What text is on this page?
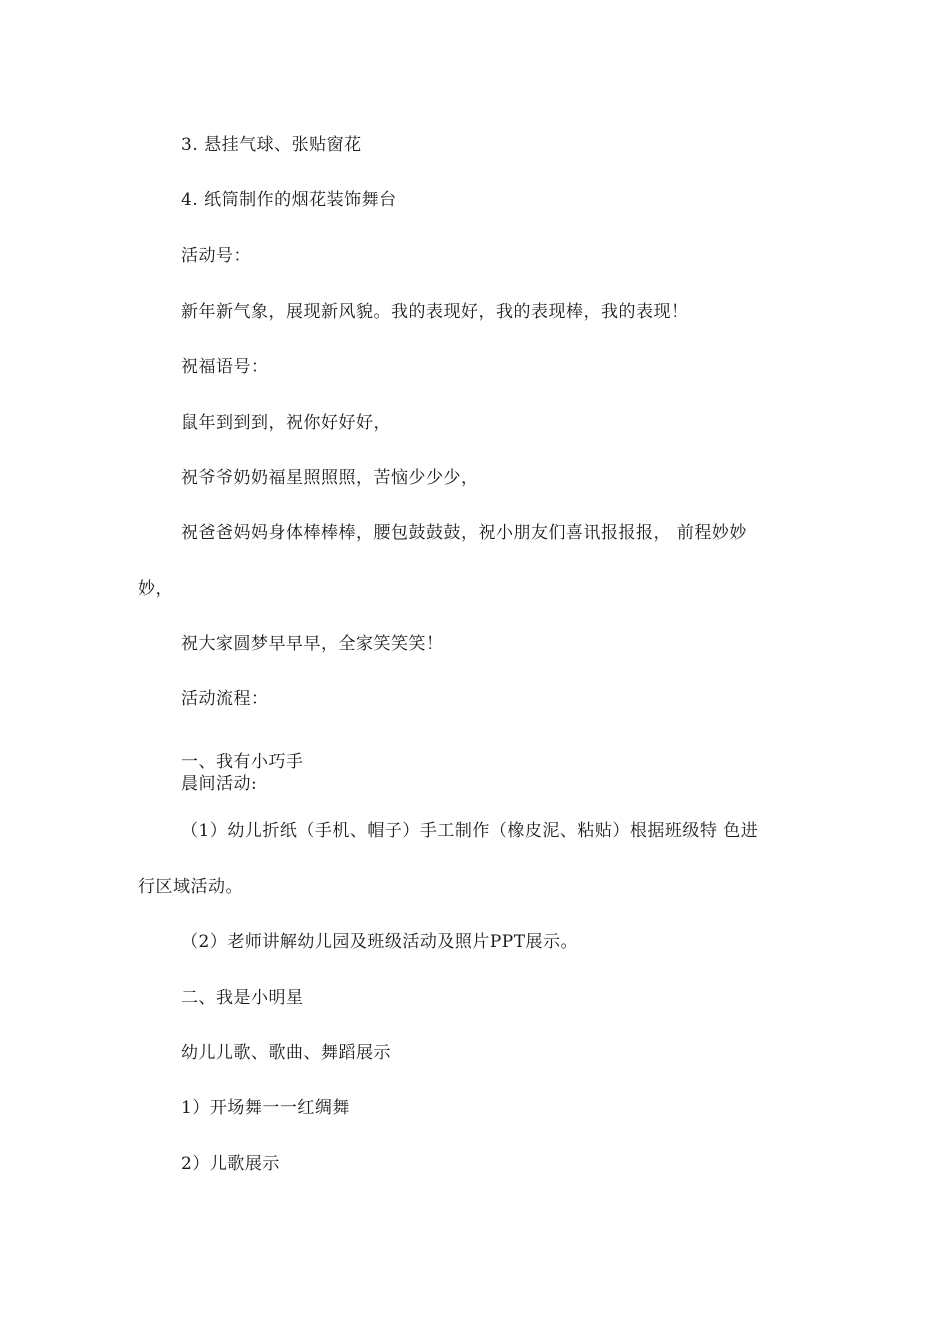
3. 悬挂气球、张贴窗花
4. 纸筒制作的烟花装饰舞台
活动号：
新年新气象，展现新风貌。我的表现好，我的表现棒，我的表现！
祝福语号：
鼠年到到到，祝你好好好，
祝爷爷奶奶福星照照照，苦恼少少少，
祝爸爸妈妈身体棒棒棒，腰包鼓鼓鼓，祝小朋友们喜讯报报报， 前程妙妙
妙，
祝大家圆梦早早早，全家笑笑笑！
活动流程：
一、我有小巧手
晨间活动:
（1）幼儿折纸（手机、帽子）手工制作（橡皮泥、粘贴）根据班级特 色进
行区域活动。
（2）老师讲解幼儿园及班级活动及照片PPT展示。
二、我是小明星
幼儿儿歌、歌曲、舞蹈展示
1）开场舞一一红绸舞
2）儿歌展示
